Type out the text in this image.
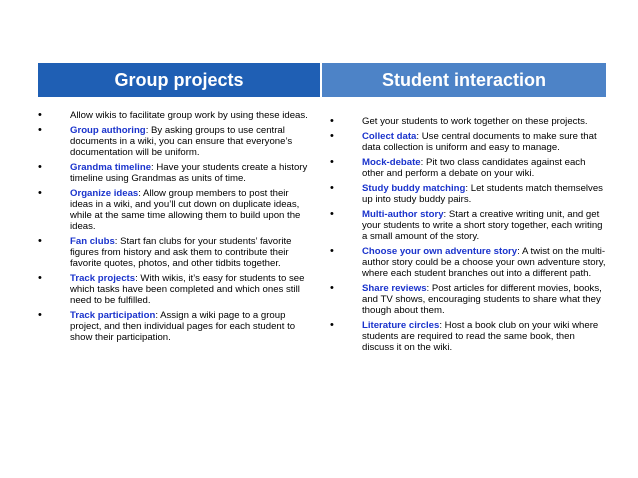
Group projects	Student interaction
•	Allow wikis to facilitate group work by using these ideas.
•	Group authoring: By asking groups to use central documents in a wiki, you can ensure that everyone’s documentation will be uniform.
•	Grandma timeline: Have your students create a history timeline using Grandmas as units of time.
•	Organize ideas: Allow group members to post their ideas in a wiki, and you’ll cut down on duplicate ideas, while at the same time allowing them to build upon the ideas.
•	Fan clubs: Start fan clubs for your students’ favorite figures from history and ask them to contribute their favorite quotes, photos, and other tidbits together.
•	Track projects: With wikis, it’s easy for students to see which tasks have been completed and which ones still need to be fulfilled.
•	Track participation: Assign a wiki page to a group project, and then individual pages for each student to show their participation.
•	Get your students to work together on these projects.
•	Collect data: Use central documents to make sure that data collection is uniform and easy to manage.
•	Mock-debate: Pit two class candidates against each other and perform a debate on your wiki.
•	Study buddy matching: Let students match themselves up into study buddy pairs.
•	Multi-author story: Start a creative writing unit, and get your students to write a short story together, each writing a small amount of the story.
•	Choose your own adventure story: A twist on the multi-author story could be a choose your own adventure story, where each student branches out into a different path.
•	Share reviews: Post articles for different movies, books, and TV shows, encouraging students to share what they though about them.
•	Literature circles: Host a book club on your wiki where students are required to read the same book, then discuss it on the wiki.
